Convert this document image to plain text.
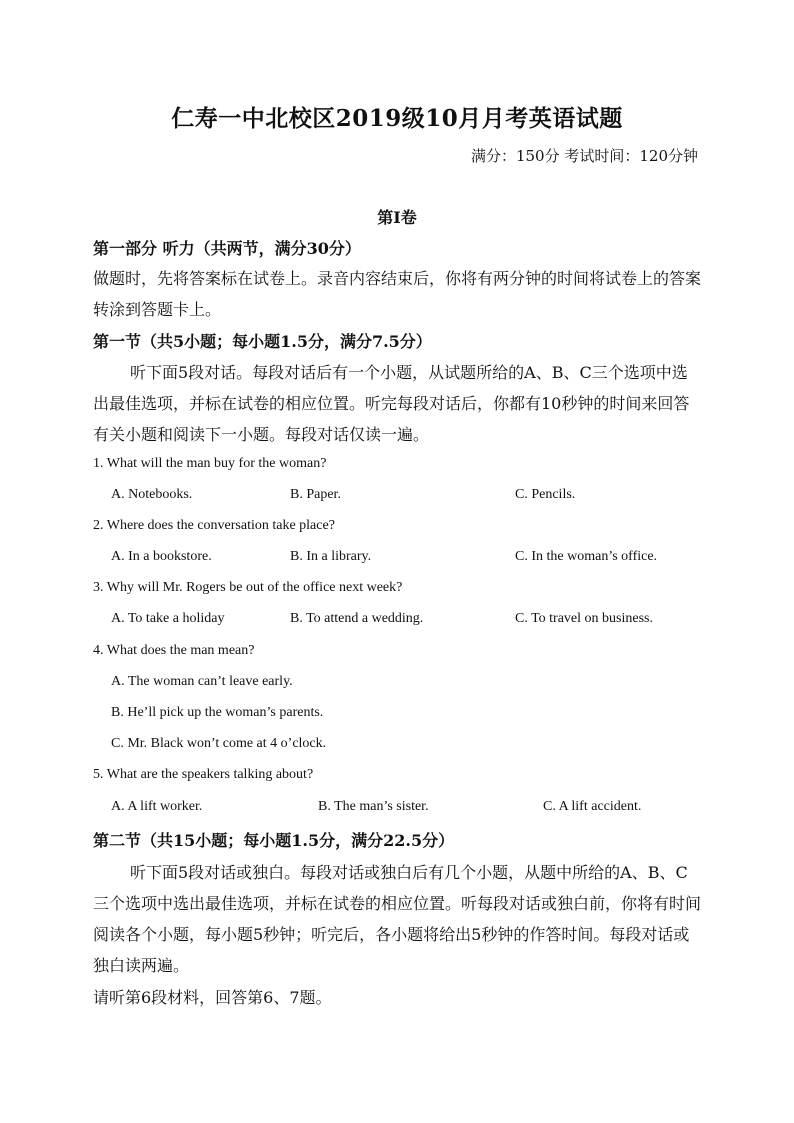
仁寿一中北校区2019级10月月考英语试题
满分：150分 考试时间：120分钟
第I卷
第一部分 听力（共两节，满分30分）
做题时，先将答案标在试卷上。录音内容结束后，你将有两分钟的时间将试卷上的答案
转涂到答题卡上。
第一节（共5小题；每小题1.5分，满分7.5分）
听下面5段对话。每段对话后有一个小题，从试题所给的A、B、C三个选项中选
出最佳选项，并标在试卷的相应位置。听完每段对话后，你都有10秒钟的时间来回答
有关小题和阅读下一小题。每段对话仅读一遍。
1. What will the man buy for the woman?
A. Notebooks.	B. Paper.	C. Pencils.
2. Where does the conversation take place?
A. In a bookstore.	B. In a library.	C. In the woman’s office.
3. Why will Mr. Rogers be out of the office next week?
A. To take a holiday	B. To attend a wedding.	C. To travel on business.
4. What does the man mean?
A. The woman can’t leave early.
B. He’ll pick up the woman’s parents.
C. Mr. Black won’t come at 4 o’clock.
5. What are the speakers talking about?
A. A lift worker.	B. The man’s sister.	C. A lift accident.
第二节（共15小题；每小题1.5分，满分22.5分）
听下面5段对话或独白。每段对话或独白后有几个小题，从题中所给的A、B、C
三个选项中选出最佳选项，并标在试卷的相应位置。听每段对话或独白前，你将有时间
阅读各个小题，每小题5秒钟；听完后，各小题将给出5秒钟的作答时间。每段对话或
独白读两遍。
请听第6段材料，回答第6、7题。
